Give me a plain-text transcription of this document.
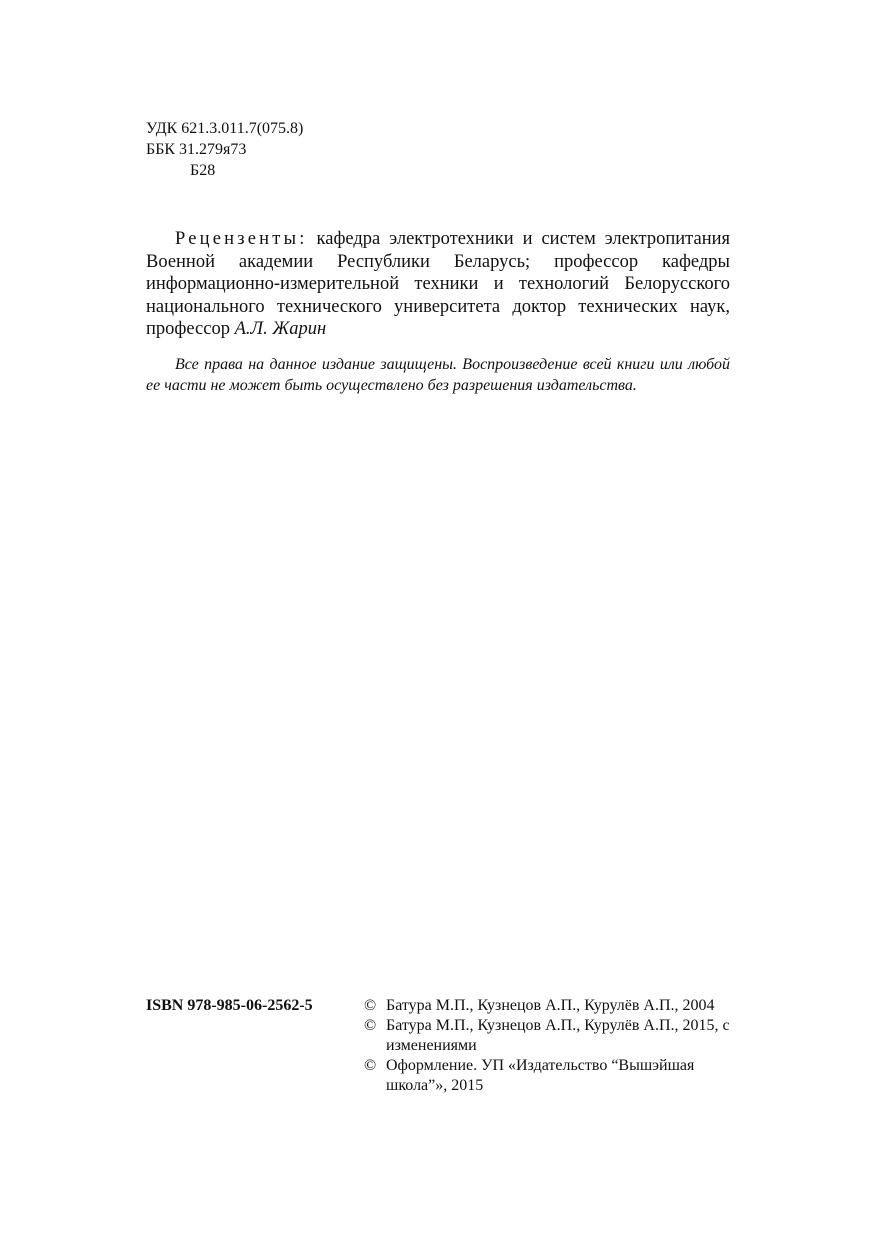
УДК 621.3.011.7(075.8)
ББК 31.279я73
Б28

Рецензенты: кафедра электротехники и систем электропитания Военной академии Республики Беларусь; профессор кафедры информационно-измерительной техники и технологий Белорусского национального технического университета доктор технических наук, профессор А.Л. Жарин

Все права на данное издание защищены. Воспроизведение всей книги или любой ее части не может быть осуществлено без разрешения издательства.

ISBN 978-985-06-2562-5	© Батура М.П., Кузнецов А.П., Курулёв А.П., 2004

© Батура М.П., Кузнецов А.П., Курулёв А.П., 2015, с изменениями

© Оформление. УП «Издательство “Вышэйшая школа”», 2015
